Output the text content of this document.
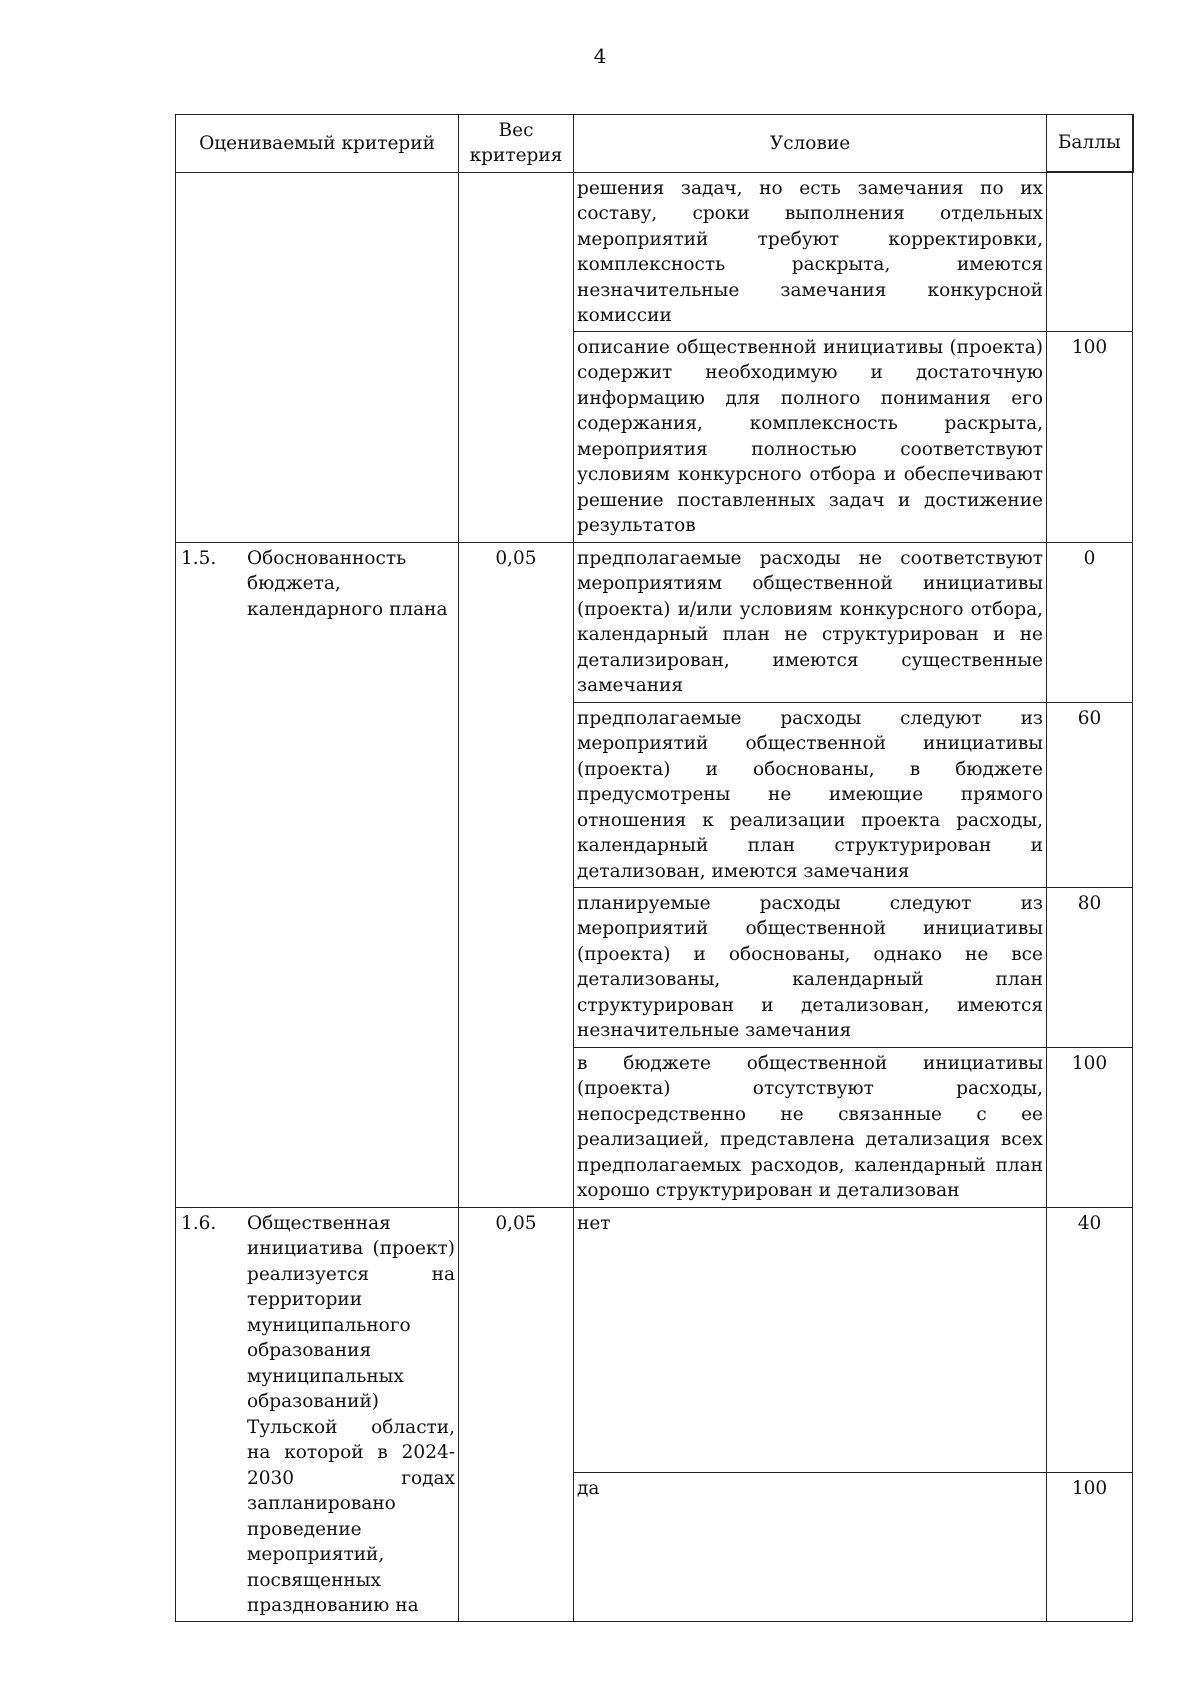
4
Оцениваемый критерий	Вес критерия	Условие	Баллы

		решения задач, но есть замечания по их составу, сроки выполнения отдельных мероприятий требуют корректировки, комплексность раскрыта, имеются незначительные замечания конкурсной комиссии	
		описание общественной инициативы (проекта) содержит необходимую и достаточную информацию для полного понимания его содержания, комплексность раскрыта, мероприятия полностью соответствуют условиям конкурсного отбора и обеспечивают решение поставленных задач и достижение результатов	100

1.5. Обоснованность бюджета, календарного плана	0,05	предполагаемые расходы не соответствуют мероприятиям общественной инициативы (проекта) и/или условиям конкурсного отбора, календарный план не структурирован и не детализирован, имеются существенные замечания	0
		предполагаемые расходы следуют из мероприятий общественной инициативы (проекта) и обоснованы, в бюджете предусмотрены не имеющие прямого отношения к реализации проекта расходы, календарный план структурирован и детализован, имеются замечания	60
		планируемые расходы следуют из мероприятий общественной инициативы (проекта) и обоснованы, однако не все детализованы, календарный план структурирован и детализован, имеются незначительные замечания	80
		в бюджете общественной инициативы (проекта) отсутствуют расходы, непосредственно не связанные с ее реализацией, представлена детализация всех предполагаемых расходов, календарный план хорошо структурирован и детализован	100

1.6. Общественная инициатива (проект) реализуется на территории муниципального образования муниципальных образований) Тульской области, на которой в 2024-2030 годах запланировано проведение мероприятий, посвященных празднованию на	0,05	нет	40
		да	100
